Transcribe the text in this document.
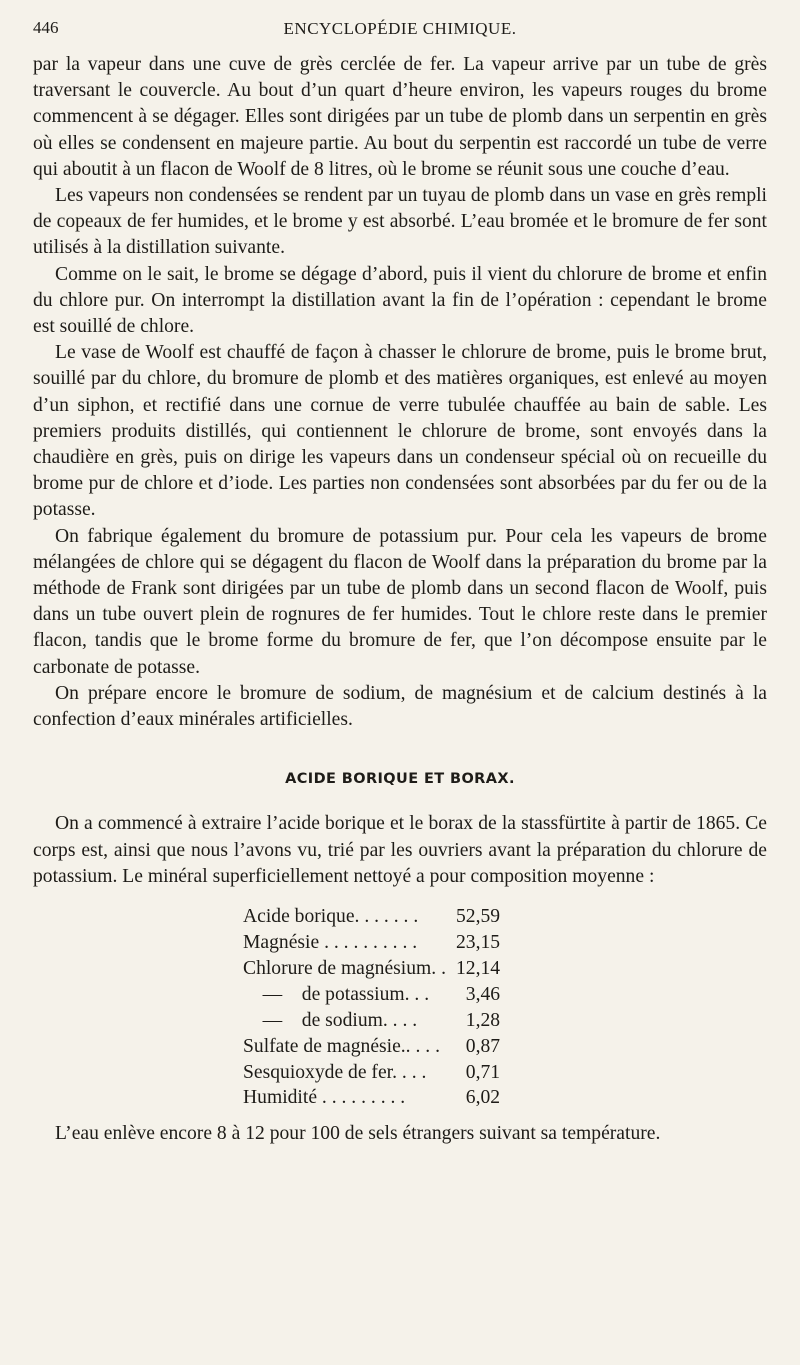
446	ENCYCLOPÉDIE CHIMIQUE.

par la vapeur dans une cuve de grès cerclée de fer. La vapeur arrive par un tube de grès traversant le couvercle. Au bout d’un quart d’heure environ, les vapeurs rouges du brome commencent à se dégager. Elles sont dirigées par un tube de plomb dans un serpentin en grès où elles se condensent en majeure partie. Au bout du serpentin est raccordé un tube de verre qui aboutit à un flacon de Woolf de 8 litres, où le brome se réunit sous une couche d’eau.

Les vapeurs non condensées se rendent par un tuyau de plomb dans un vase en grès rempli de copeaux de fer humides, et le brome y est absorbé. L’eau bromée et le bromure de fer sont utilisés à la distillation suivante.

Comme on le sait, le brome se dégage d’abord, puis il vient du chlorure de brome et enfin du chlore pur. On interrompt la distillation avant la fin de l’opération : cependant le brome est souillé de chlore.

Le vase de Woolf est chauffé de façon à chasser le chlorure de brome, puis le brome brut, souillé par du chlore, du bromure de plomb et des matières organiques, est enlevé au moyen d’un siphon, et rectifié dans une cornue de verre tubulée chauffée au bain de sable. Les premiers produits distillés, qui contiennent le chlorure de brome, sont envoyés dans la chaudière en grès, puis on dirige les vapeurs dans un condenseur spécial où on recueille du brome pur de chlore et d’iode. Les parties non condensées sont absorbées par du fer ou de la potasse.

On fabrique également du bromure de potassium pur. Pour cela les vapeurs de brome mélangées de chlore qui se dégagent du flacon de Woolf dans la préparation du brome par la méthode de Frank sont dirigées par un tube de plomb dans un second flacon de Woolf, puis dans un tube ouvert plein de rognures de fer humides. Tout le chlore reste dans le premier flacon, tandis que le brome forme du bromure de fer, que l’on décompose ensuite par le carbonate de potasse.

On prépare encore le bromure de sodium, de magnésium et de calcium destinés à la confection d’eaux minérales artificielles.

ACIDE BORIQUE ET BORAX.

On a commencé à extraire l’acide borique et le borax de la stassfürtite à partir de 1865. Ce corps est, ainsi que nous l’avons vu, trié par les ouvriers avant la préparation du chlorure de potassium. Le minéral superficiellement nettoyé a pour composition moyenne :

Acide borique. . . . . . .	52,59
Magnésie . . . . . . . . . .	23,15
Chlorure de magnésium. .	12,14
—    de potassium. . .	3,46
—    de sodium. . . .	1,28
Sulfate de magnésie.. . . .	0,87
Sesquioxyde de fer. . . .	0,71
Humidité . . . . . . . . .	6,02

L’eau enlève encore 8 à 12 pour 100 de sels étrangers suivant sa température.
